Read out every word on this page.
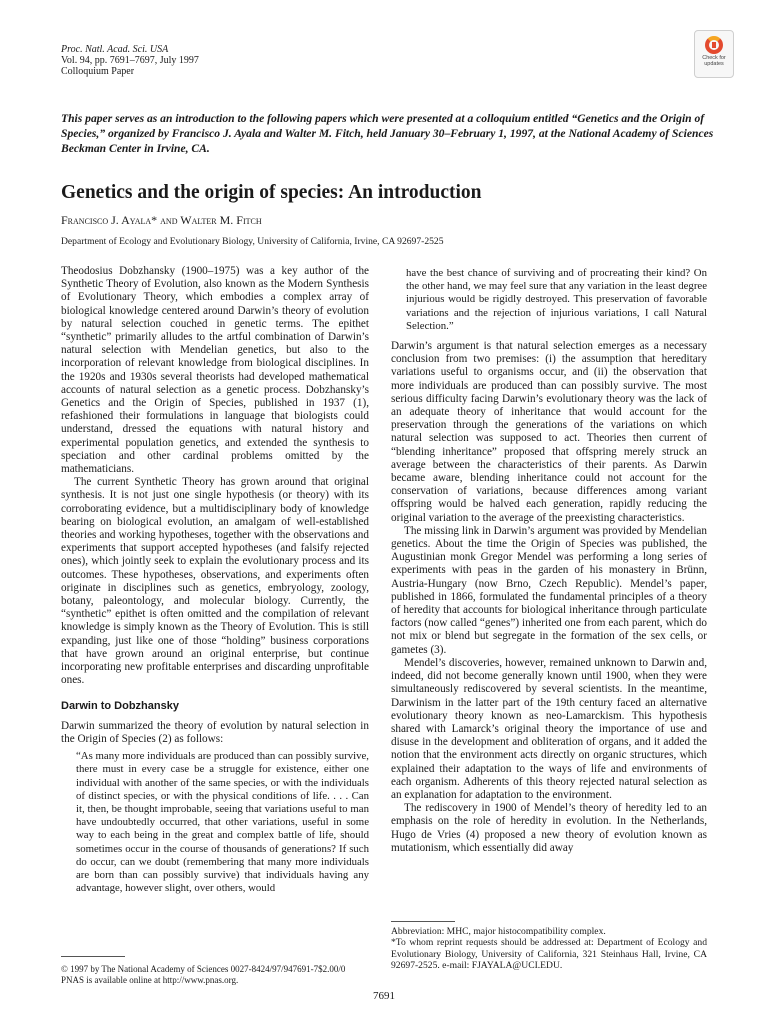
Proc. Natl. Acad. Sci. USA
Vol. 94, pp. 7691–7697, July 1997
Colloquium Paper
Check for
updates
This paper serves as an introduction to the following papers which were presented at a colloquium entitled “Genetics and the Origin of Species,” organized by Francisco J. Ayala and Walter M. Fitch, held January 30–February 1, 1997, at the National Academy of Sciences Beckman Center in Irvine, CA.
Genetics and the origin of species: An introduction
Francisco J. Ayala* and Walter M. Fitch
Department of Ecology and Evolutionary Biology, University of California, Irvine, CA 92697-2525

Theodosius Dobzhansky (1900–1975) was a key author of the Synthetic Theory of Evolution, also known as the Modern Synthesis of Evolutionary Theory, which embodies a complex array of biological knowledge centered around Darwin’s theory of evolution by natural selection couched in genetic terms. The epithet “synthetic” primarily alludes to the artful combination of Darwin’s natural selection with Mendelian genetics, but also to the incorporation of relevant knowledge from biological disciplines. In the 1920s and 1930s several theorists had developed mathematical accounts of natural selection as a genetic process. Dobzhansky’s Genetics and the Origin of Species, published in 1937 (1), refashioned their formulations in language that biologists could understand, dressed the equations with natural history and experimental population genetics, and extended the synthesis to speciation and other cardinal problems omitted by the mathematicians.

The current Synthetic Theory has grown around that original synthesis. It is not just one single hypothesis (or theory) with its corroborating evidence, but a multidisciplinary body of knowledge bearing on biological evolution, an amalgam of well-established theories and working hypotheses, together with the observations and experiments that support accepted hypotheses (and falsify rejected ones), which jointly seek to explain the evolutionary process and its outcomes. These hypotheses, observations, and experiments often originate in disciplines such as genetics, embryology, zoology, botany, paleontology, and molecular biology. Currently, the “synthetic” epithet is often omitted and the compilation of relevant knowledge is simply known as the Theory of Evolution. This is still expanding, just like one of those “holding” business corporations that have grown around an original enterprise, but continue incorporating new profitable enterprises and discarding unprofitable ones.

Darwin to Dobzhansky

Darwin summarized the theory of evolution by natural selection in the Origin of Species (2) as follows:

“As many more individuals are produced than can possibly survive, there must in every case be a struggle for existence, either one individual with another of the same species, or with the individuals of distinct species, or with the physical conditions of life. . . . Can it, then, be thought improbable, seeing that variations useful to man have undoubtedly occurred, that other variations, useful in some way to each being in the great and complex battle of life, should sometimes occur in the course of thousands of generations? If such do occur, can we doubt (remembering that many more individuals are born than can possibly survive) that individuals having any advantage, however slight, over others, would
© 1997 by The National Academy of Sciences 0027-8424/97/947691-7$2.00/0
PNAS is available online at http://www.pnas.org.
have the best chance of surviving and of procreating their kind? On the other hand, we may feel sure that any variation in the least degree injurious would be rigidly destroyed. This preservation of favorable variations and the rejection of injurious variations, I call Natural Selection.”

Darwin’s argument is that natural selection emerges as a necessary conclusion from two premises: (i) the assumption that hereditary variations useful to organisms occur, and (ii) the observation that more individuals are produced than can possibly survive. The most serious difficulty facing Darwin’s evolutionary theory was the lack of an adequate theory of inheritance that would account for the preservation through the generations of the variations on which natural selection was supposed to act. Theories then current of “blending inheritance” proposed that offspring merely struck an average between the characteristics of their parents. As Darwin became aware, blending inheritance could not account for the conservation of variations, because differences among variant offspring would be halved each generation, rapidly reducing the original variation to the average of the preexisting characteristics.

The missing link in Darwin’s argument was provided by Mendelian genetics. About the time the Origin of Species was published, the Augustinian monk Gregor Mendel was performing a long series of experiments with peas in the garden of his monastery in Brünn, Austria-Hungary (now Brno, Czech Republic). Mendel’s paper, published in 1866, formulated the fundamental principles of a theory of heredity that accounts for biological inheritance through particulate factors (now called “genes”) inherited one from each parent, which do not mix or blend but segregate in the formation of the sex cells, or gametes (3).

Mendel’s discoveries, however, remained unknown to Darwin and, indeed, did not become generally known until 1900, when they were simultaneously rediscovered by several scientists. In the meantime, Darwinism in the latter part of the 19th century faced an alternative evolutionary theory known as neo-Lamarckism. This hypothesis shared with Lamarck’s original theory the importance of use and disuse in the development and obliteration of organs, and it added the notion that the environment acts directly on organic structures, which explained their adaptation to the ways of life and environments of each organism. Adherents of this theory rejected natural selection as an explanation for adaptation to the environment.

The rediscovery in 1900 of Mendel’s theory of heredity led to an emphasis on the role of heredity in evolution. In the Netherlands, Hugo de Vries (4) proposed a new theory of evolution known as mutationism, which essentially did away

Abbreviation: MHC, major histocompatibility complex.
*To whom reprint requests should be addressed at: Department of Ecology and Evolutionary Biology, University of California, 321 Steinhaus Hall, Irvine, CA 92697-2525. e-mail: FJAYALA@UCI.EDU.
7691
